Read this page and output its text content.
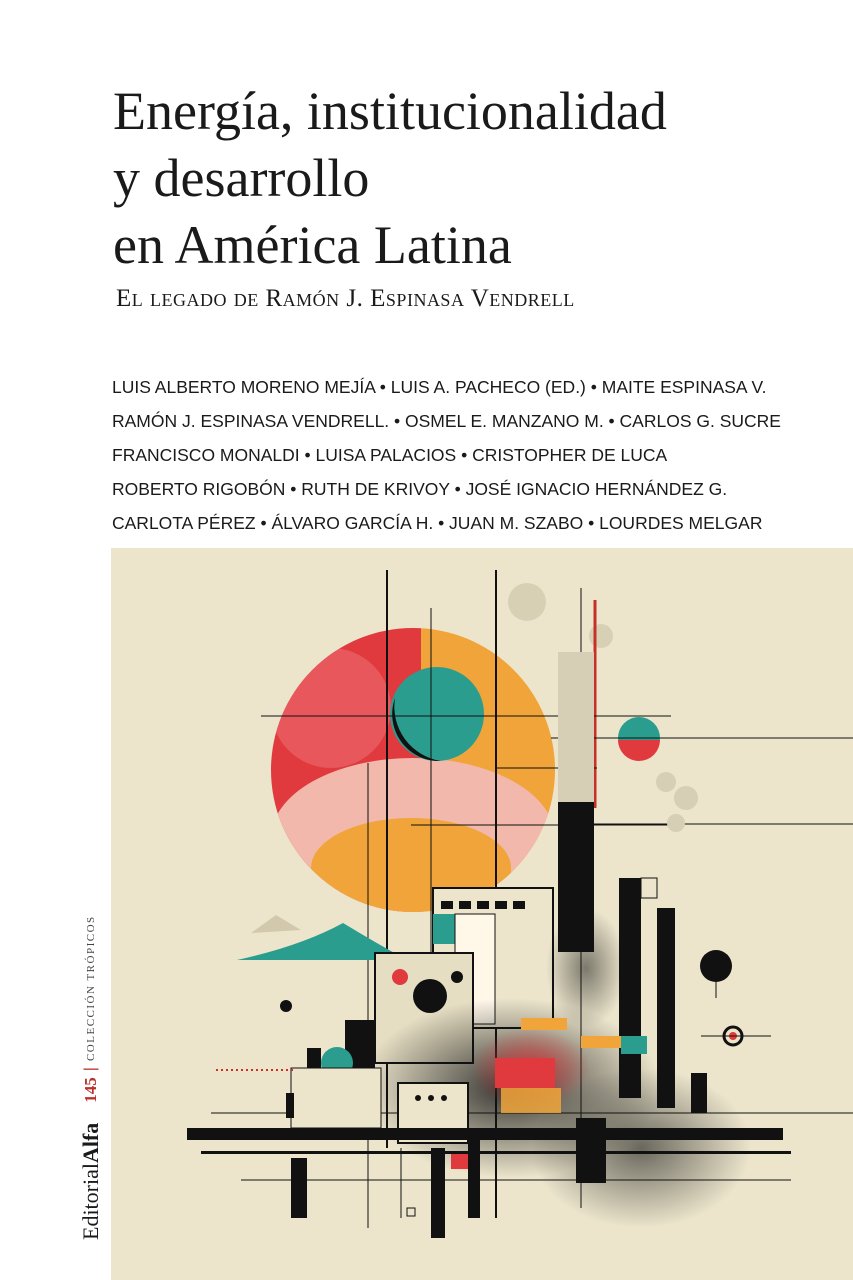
Energía, institucionalidad
y desarrollo
en América Latina
El legado de Ramón J. Espinasa Vendrell
LUIS ALBERTO MORENO MEJÍA • LUIS A. PACHECO (ED.) • MAITE ESPINASA V.
RAMÓN J. ESPINASA VENDRELL. • OSMEL E. MANZANO M. • CARLOS G. SUCRE
FRANCISCO MONALDI • LUISA PALACIOS • CRISTOPHER DE LUCA
ROBERTO RIGOBÓN • RUTH DE KRIVOY • JOSÉ IGNACIO HERNÁNDEZ G.
CARLOTA PÉREZ • ÁLVARO GARCÍA H. • JUAN M. SZABO • LOURDES MELGAR
EditorialAlfa
145
|
COLECCIÓN TRÓPICOS
